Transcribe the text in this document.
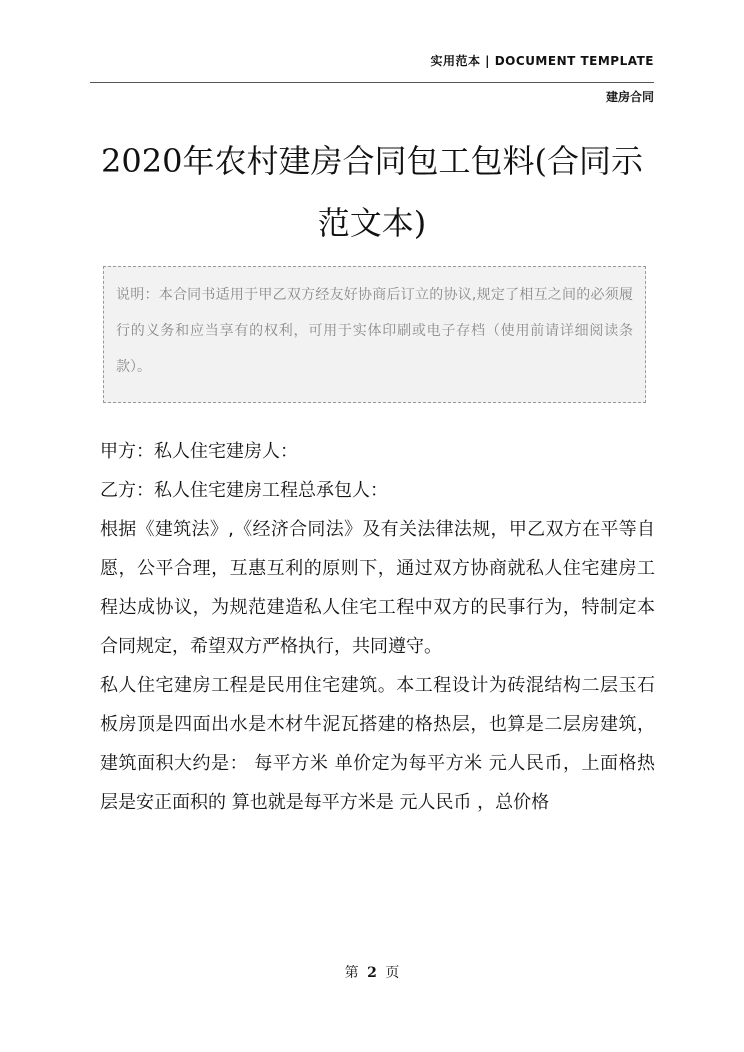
实用范本 | DOCUMENT TEMPLATE
建房合同
2020年农村建房合同包工包料(合同示范文本)
说明：本合同书适用于甲乙双方经友好协商后订立的协议,规定了相互之间的必须履行的义务和应当享有的权利，可用于实体印刷或电子存档（使用前请详细阅读条款）。

甲方：私人住宅建房人：

乙方：私人住宅建房工程总承包人：

根据《建筑法》,《经济合同法》及有关法律法规，甲乙双方在平等自愿，公平合理，互惠互利的原则下，通过双方协商就私人住宅建房工程达成协议，为规范建造私人住宅工程中双方的民事行为，特制定本合同规定，希望双方严格执行，共同遵守。

私人住宅建房工程是民用住宅建筑。本工程设计为砖混结构二层玉石板房顶是四面出水是木材牛泥瓦搭建的格热层，也算是二层房建筑，建筑面积大约是： 每平方米 单价定为每平方米 元人民币，上面格热层是安正面积的 算也就是每平方米是 元人民币 ，总价格

第 2 页
